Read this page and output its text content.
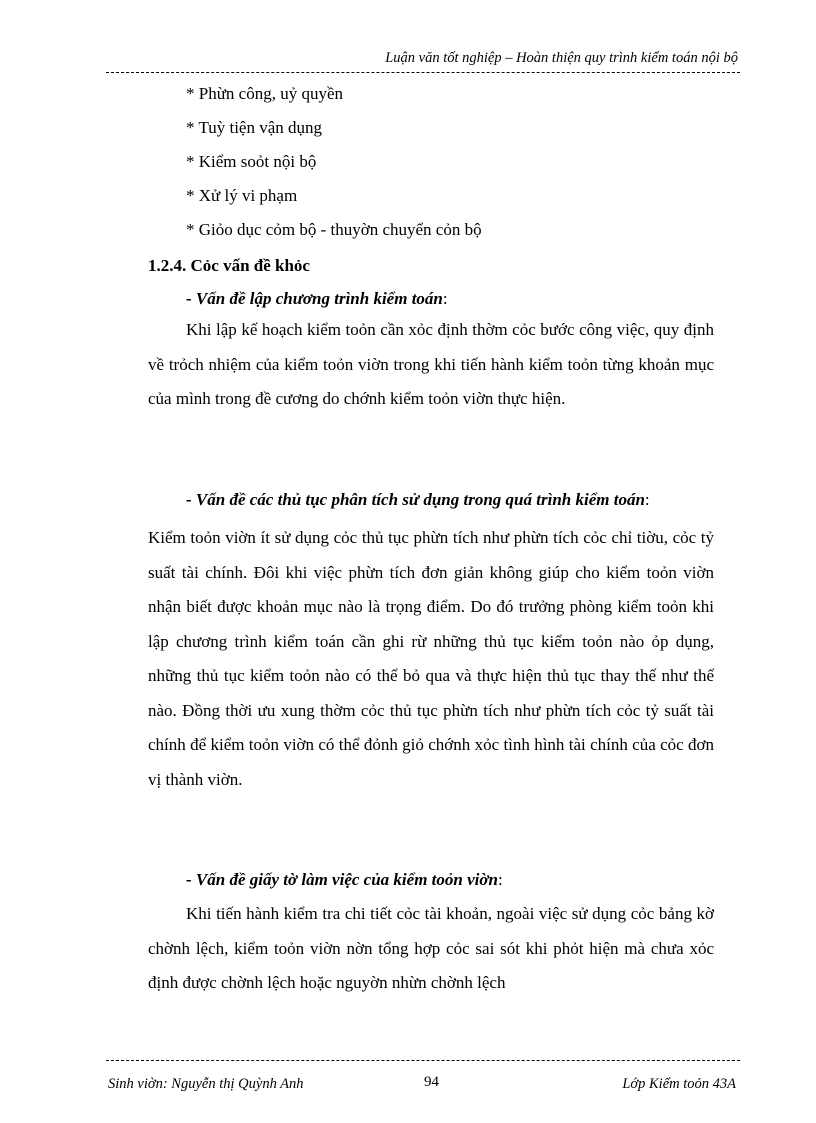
Luận văn tốt nghiệp – Hoàn thiện quy trình kiểm toán nội bộ
* Phừn công, uỷ quyền
* Tuỳ tiện vận dụng
* Kiểm soỏt nội bộ
* Xử lý vi phạm
* Giỏo dục cỏm bộ - thuyờn chuyển cỏn bộ
1.2.4. Cỏc vấn đề khỏc
- Vấn đề lập chương trình kiểm toán:
Khi lập kế hoạch kiểm toỏn cần xỏc định thờm cỏc bước công việc, quy định về trỏch nhiệm của kiểm toỏn viờn trong khi tiến hành kiểm toỏn từng khoản mục của mình trong đề cương do chớnh kiểm toỏn viờn thực hiện.
- Vấn đề các thủ tục phân tích sử dụng trong quá trình kiểm toán:
Kiểm toỏn viờn ít sử dụng cỏc thủ tục phừn tích như phừn tích cỏc chỉ tiờu, cỏc tỷ suất tài chính. Đôi khi việc phừn tích đơn giản không giúp cho kiểm toỏn viờn nhận biết được khoản mục nào là trọng điểm. Do đó trưởng phòng kiểm toỏn khi lập chương trình kiểm toán cần ghi rừ những thủ tục kiểm toỏn nào ỏp dụng, những thủ tục kiểm toỏn nào có thể bỏ qua và thực hiện thủ tục thay thế như thế nào. Đồng thời ưu xung thờm cỏc thủ tục phừn tích như phừn tích cỏc tỷ suất tài chính để kiểm toỏn viờn có thể đỏnh giỏ chớnh xỏc tình hình tài chính của cỏc đơn vị thành viờn.
- Vấn đề giấy tờ làm việc của kiểm toỏn viờn:
Khi tiến hành kiểm tra chi tiết cỏc tài khoản, ngoài việc sử dụng cỏc bảng kờ chờnh lệch, kiểm toỏn viờn nờn tổng hợp cỏc sai sót khi phỏt hiện mà chưa xỏc định được chờnh lệch hoặc nguyờn nhừn chờnh lệch
Sinh viờn: Nguyễn thị Quỳnh Anh	94	Lớp Kiểm toỏn 43A
